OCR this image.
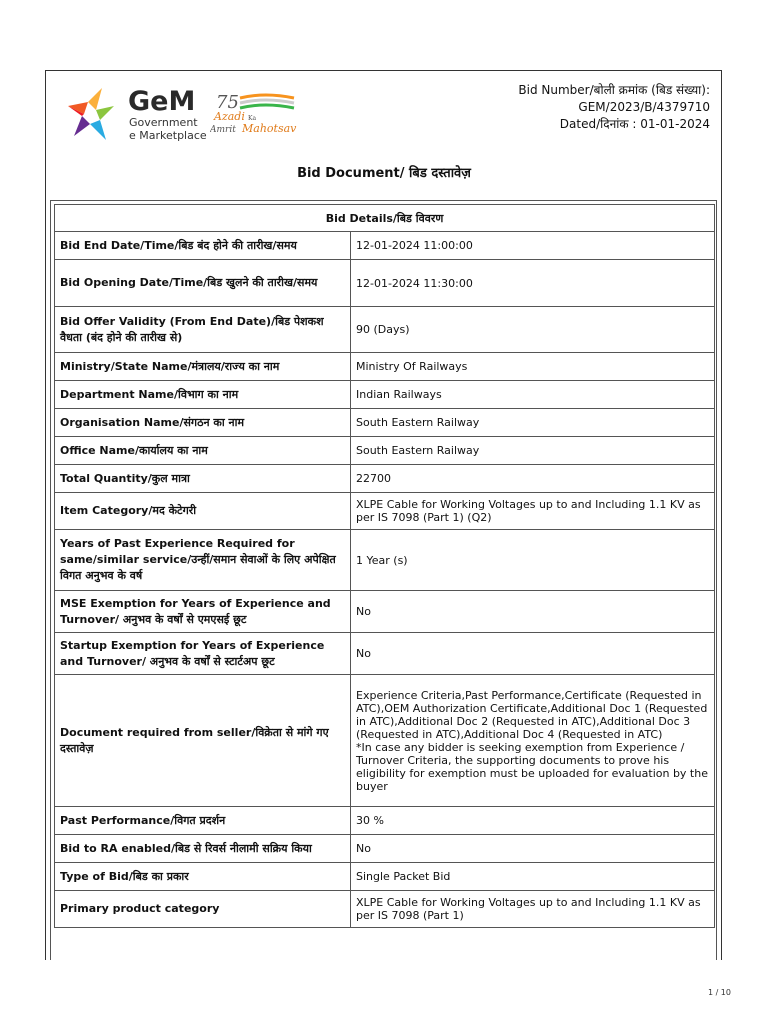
GeM
Government
e Marketplace
75
Azadi Ka
Amrit Mahotsav
Bid Number/बोली क्रमांक (बिड संख्या):
GEM/2023/B/4379710
Dated/दिनांक : 01-01-2024
Bid Document/ बिड दस्तावेज़
Bid Details/बिड विवरण	
Bid End Date/Time/बिड बंद होने की तारीख/समय	12-01-2024 11:00:00
Bid Opening Date/Time/बिड खुलने की तारीख/समय	12-01-2024 11:30:00
Bid Offer Validity (From End Date)/बिड पेशकश वैधता (बंद होने की तारीख से)	90 (Days)
Ministry/State Name/मंत्रालय/राज्य का नाम	Ministry Of Railways
Department Name/विभाग का नाम	Indian Railways
Organisation Name/संगठन का नाम	South Eastern Railway
Office Name/कार्यालय का नाम	South Eastern Railway
Total Quantity/कुल मात्रा	22700
Item Category/मद केटेगरी	XLPE Cable for Working Voltages up to and Including 1.1 KV as per IS 7098 (Part 1) (Q2)
Years of Past Experience Required for same/similar service/उन्हीं/समान सेवाओं के लिए अपेक्षित विगत अनुभव के वर्ष	1 Year (s)
MSE Exemption for Years of Experience and Turnover/ अनुभव के वर्षों से एमएसई छूट	No
Startup Exemption for Years of Experience and Turnover/ अनुभव के वर्षों से स्टार्टअप छूट	No
Document required from seller/विक्रेता से मांगे गए दस्तावेज़	Experience Criteria,Past Performance,Certificate (Requested in ATC),OEM Authorization Certificate,Additional Doc 1 (Requested in ATC),Additional Doc 2 (Requested in ATC),Additional Doc 3 (Requested in ATC),Additional Doc 4 (Requested in ATC)
*In case any bidder is seeking exemption from Experience / Turnover Criteria, the supporting documents to prove his eligibility for exemption must be uploaded for evaluation by the buyer

Past Performance/विगत प्रदर्शन	30 %
Bid to RA enabled/बिड से रिवर्स नीलामी सक्रिय किया	No
Type of Bid/बिड का प्रकार	Single Packet Bid
Primary product category	XLPE Cable for Working Voltages up to and Including 1.1 KV as per IS 7098 (Part 1)
1 / 10
